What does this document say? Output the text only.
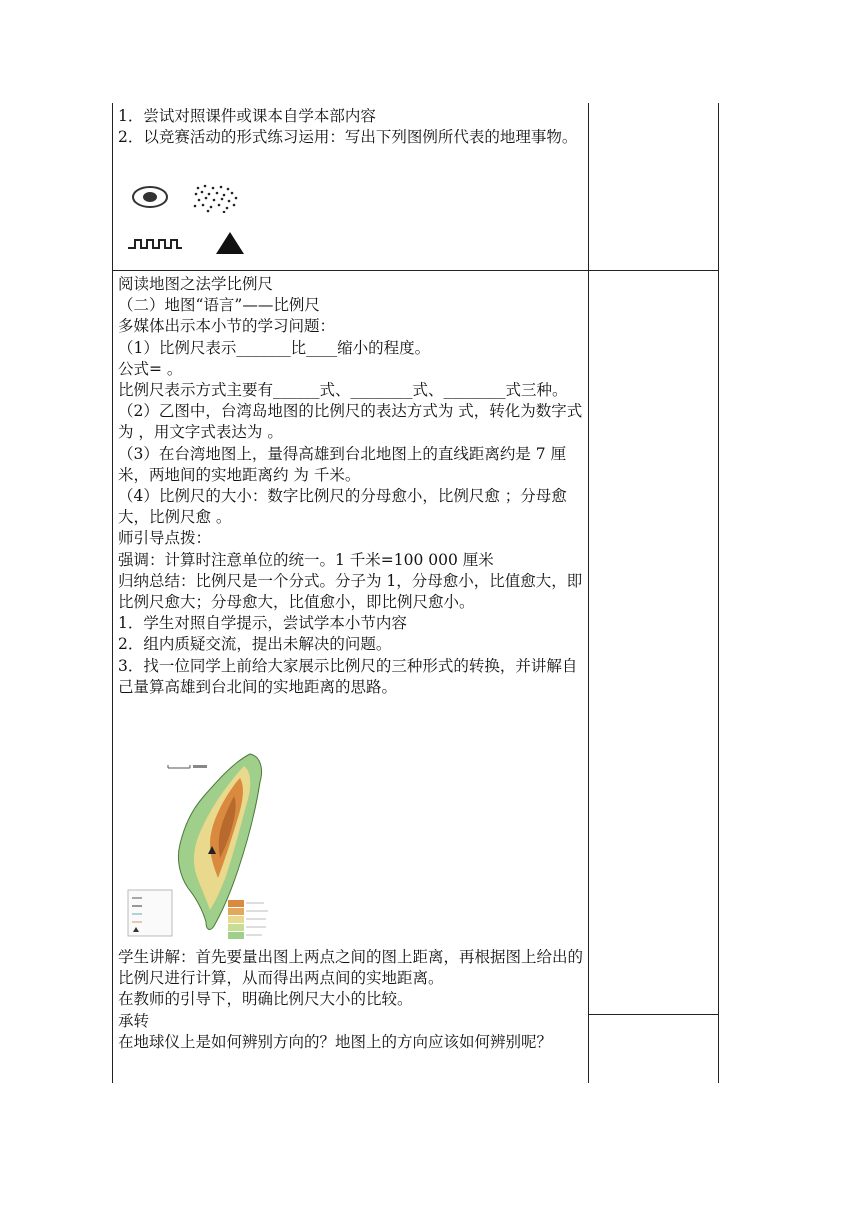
1．尝试对照课件或课本自学本部内容

2．以竞赛活动的形式练习运用：写出下列图例所代表的地理事物。

阅读地图之法学比例尺

（二）地图“语言”——比例尺

多媒体出示本小节的学习问题：

（1）比例尺表示_______比____缩小的程度。

公式= 。

比例尺表示方式主要有______式、________式、________式三种。

（2）乙图中，台湾岛地图的比例尺的表达方式为 式，转化为数字式为 ，用文字式表达为 。

（3）在台湾地图上，量得高雄到台北地图上的直线距离约是 7 厘米，两地间的实地距离约 为 千米。

（4）比例尺的大小：数字比例尺的分母愈小，比例尺愈 ；分母愈大，比例尺愈 。

师引导点拨：

强调：计算时注意单位的统一。1 千米=100 000 厘米

归纳总结：比例尺是一个分式。分子为 1，分母愈小，比值愈大，即比例尺愈大；分母愈大，比值愈小，即比例尺愈小。

1．学生对照自学提示，尝试学本小节内容

2．组内质疑交流，提出未解决的问题。

3．找一位同学上前给大家展示比例尺的三种形式的转换，并讲解自己量算高雄到台北间的实地距离的思路。

学生讲解：首先要量出图上两点之间的图上距离，再根据图上给出的比例尺进行计算，从而得出两点间的实地距离。

在教师的引导下，明确比例尺大小的比较。

承转

在地球仪上是如何辨别方向的？地图上的方向应该如何辨别呢？
